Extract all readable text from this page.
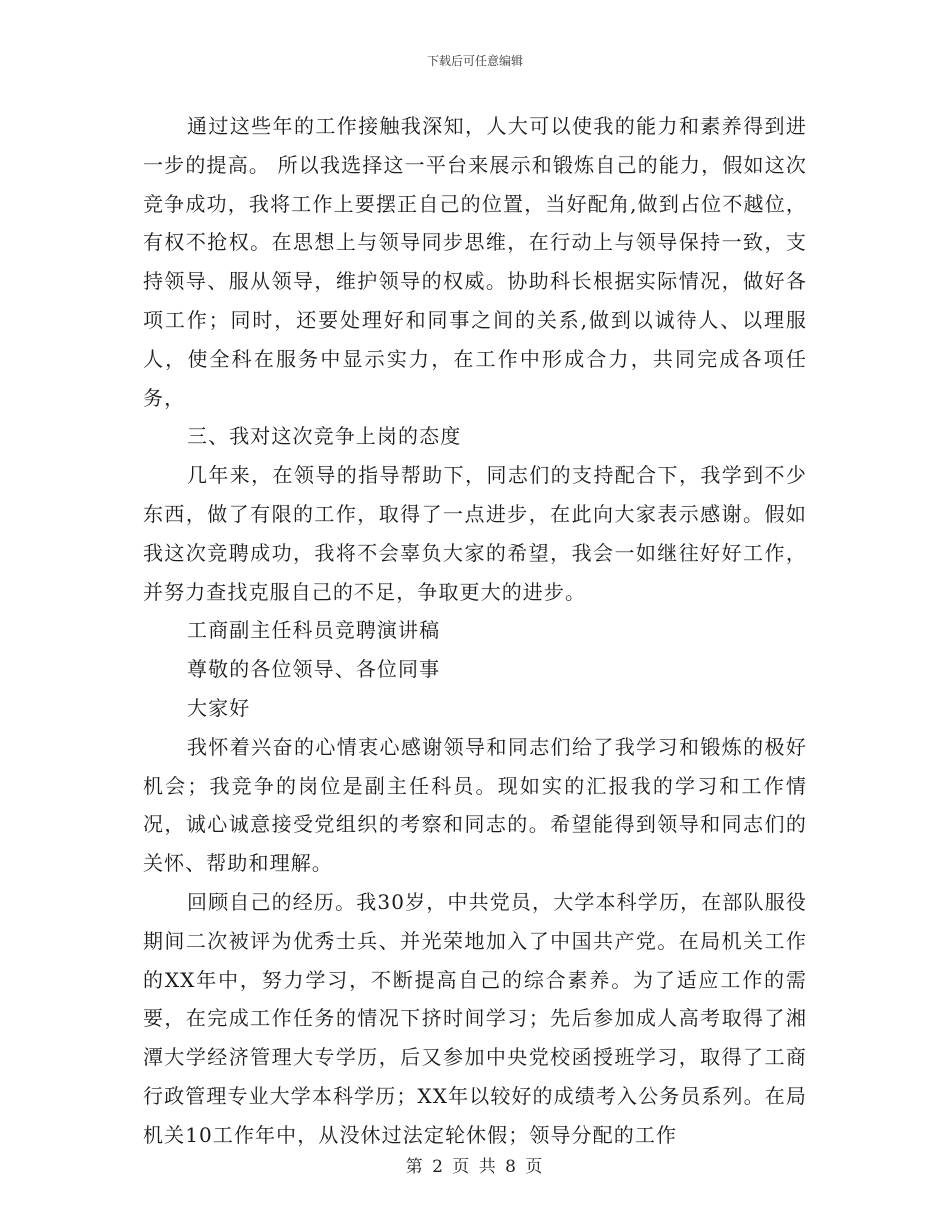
下载后可任意编辑

通过这些年的工作接触我深知，人大可以使我的能力和素养得到进一步的提高。 所以我选择这一平台来展示和锻炼自己的能力，假如这次竞争成功，我将工作上要摆正自己的位置，当好配角,做到占位不越位，有权不抢权。在思想上与领导同步思维，在行动上与领导保持一致，支持领导、服从领导，维护领导的权威。协助科长根据实际情况，做好各项工作；同时，还要处理好和同事之间的关系,做到以诚待人、以理服人，使全科在服务中显示实力，在工作中形成合力，共同完成各项任务，

三、我对这次竞争上岗的态度

几年来，在领导的指导帮助下，同志们的支持配合下，我学到不少东西，做了有限的工作，取得了一点进步，在此向大家表示感谢。假如我这次竞聘成功，我将不会辜负大家的希望，我会一如继往好好工作，并努力查找克服自己的不足，争取更大的进步。

工商副主任科员竞聘演讲稿

尊敬的各位领导、各位同事

大家好

我怀着兴奋的心情衷心感谢领导和同志们给了我学习和锻炼的极好机会；我竞争的岗位是副主任科员。现如实的汇报我的学习和工作情况，诚心诚意接受党组织的考察和同志的。希望能得到领导和同志们的关怀、帮助和理解。

回顾自己的经历。我30岁，中共党员，大学本科学历，在部队服役期间二次被评为优秀士兵、并光荣地加入了中国共产党。在局机关工作的XX年中，努力学习，不断提高自己的综合素养。为了适应工作的需要，在完成工作任务的情况下挤时间学习；先后参加成人高考取得了湘潭大学经济管理大专学历，后又参加中央党校函授班学习，取得了工商行政管理专业大学本科学历；XX年以较好的成绩考入公务员系列。在局机关10工作年中，从没休过法定轮休假；领导分配的工作

第 2 页 共 8 页
